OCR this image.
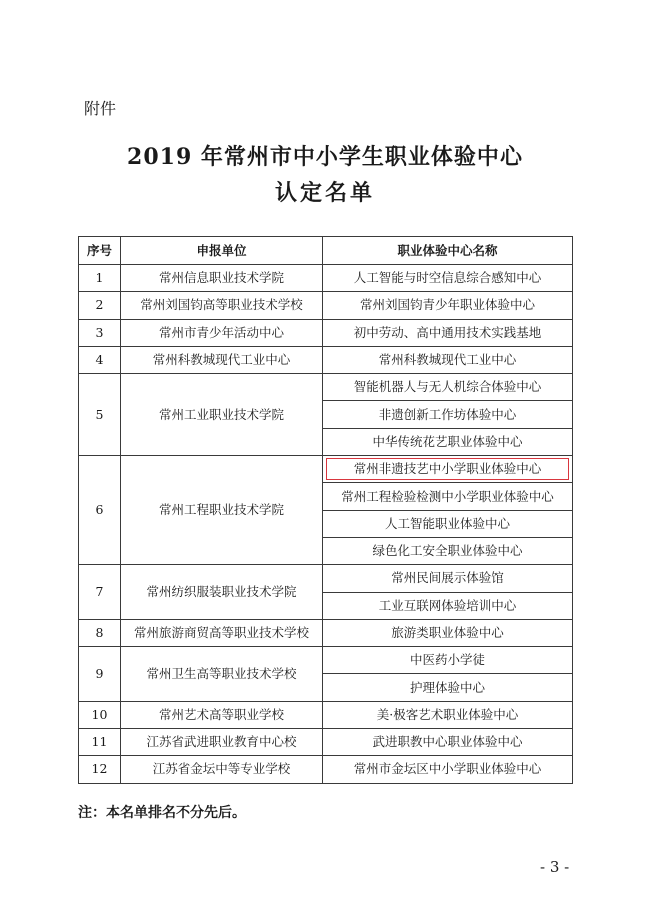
附件
2019 年常州市中小学生职业体验中心
认定名单
序号	申报单位	职业体验中心名称
1	常州信息职业技术学院	人工智能与时空信息综合感知中心
2	常州刘国钧高等职业技术学校	常州刘国钧青少年职业体验中心
3	常州市青少年活动中心	初中劳动、高中通用技术实践基地
4	常州科教城现代工业中心	常州科教城现代工业中心
5	常州工业职业技术学院	智能机器人与无人机综合体验中心
		非遗创新工作坊体验中心
		中华传统花艺职业体验中心
6	常州工程职业技术学院	常州非遗技艺中小学职业体验中心

		常州工程检验检测中小学职业体验中心
		人工智能职业体验中心
		绿色化工安全职业体验中心
7	常州纺织服装职业技术学院	常州民间展示体验馆
		工业互联网体验培训中心
8	常州旅游商贸高等职业技术学校	旅游类职业体验中心
9	常州卫生高等职业技术学校	中医药小学徒
		护理体验中心
10	常州艺术高等职业学校	美·极客艺术职业体验中心
11	江苏省武进职业教育中心校	武进职教中心职业体验中心
12	江苏省金坛中等专业学校	常州市金坛区中小学职业体验中心
注：本名单排名不分先后。
- 3 -
